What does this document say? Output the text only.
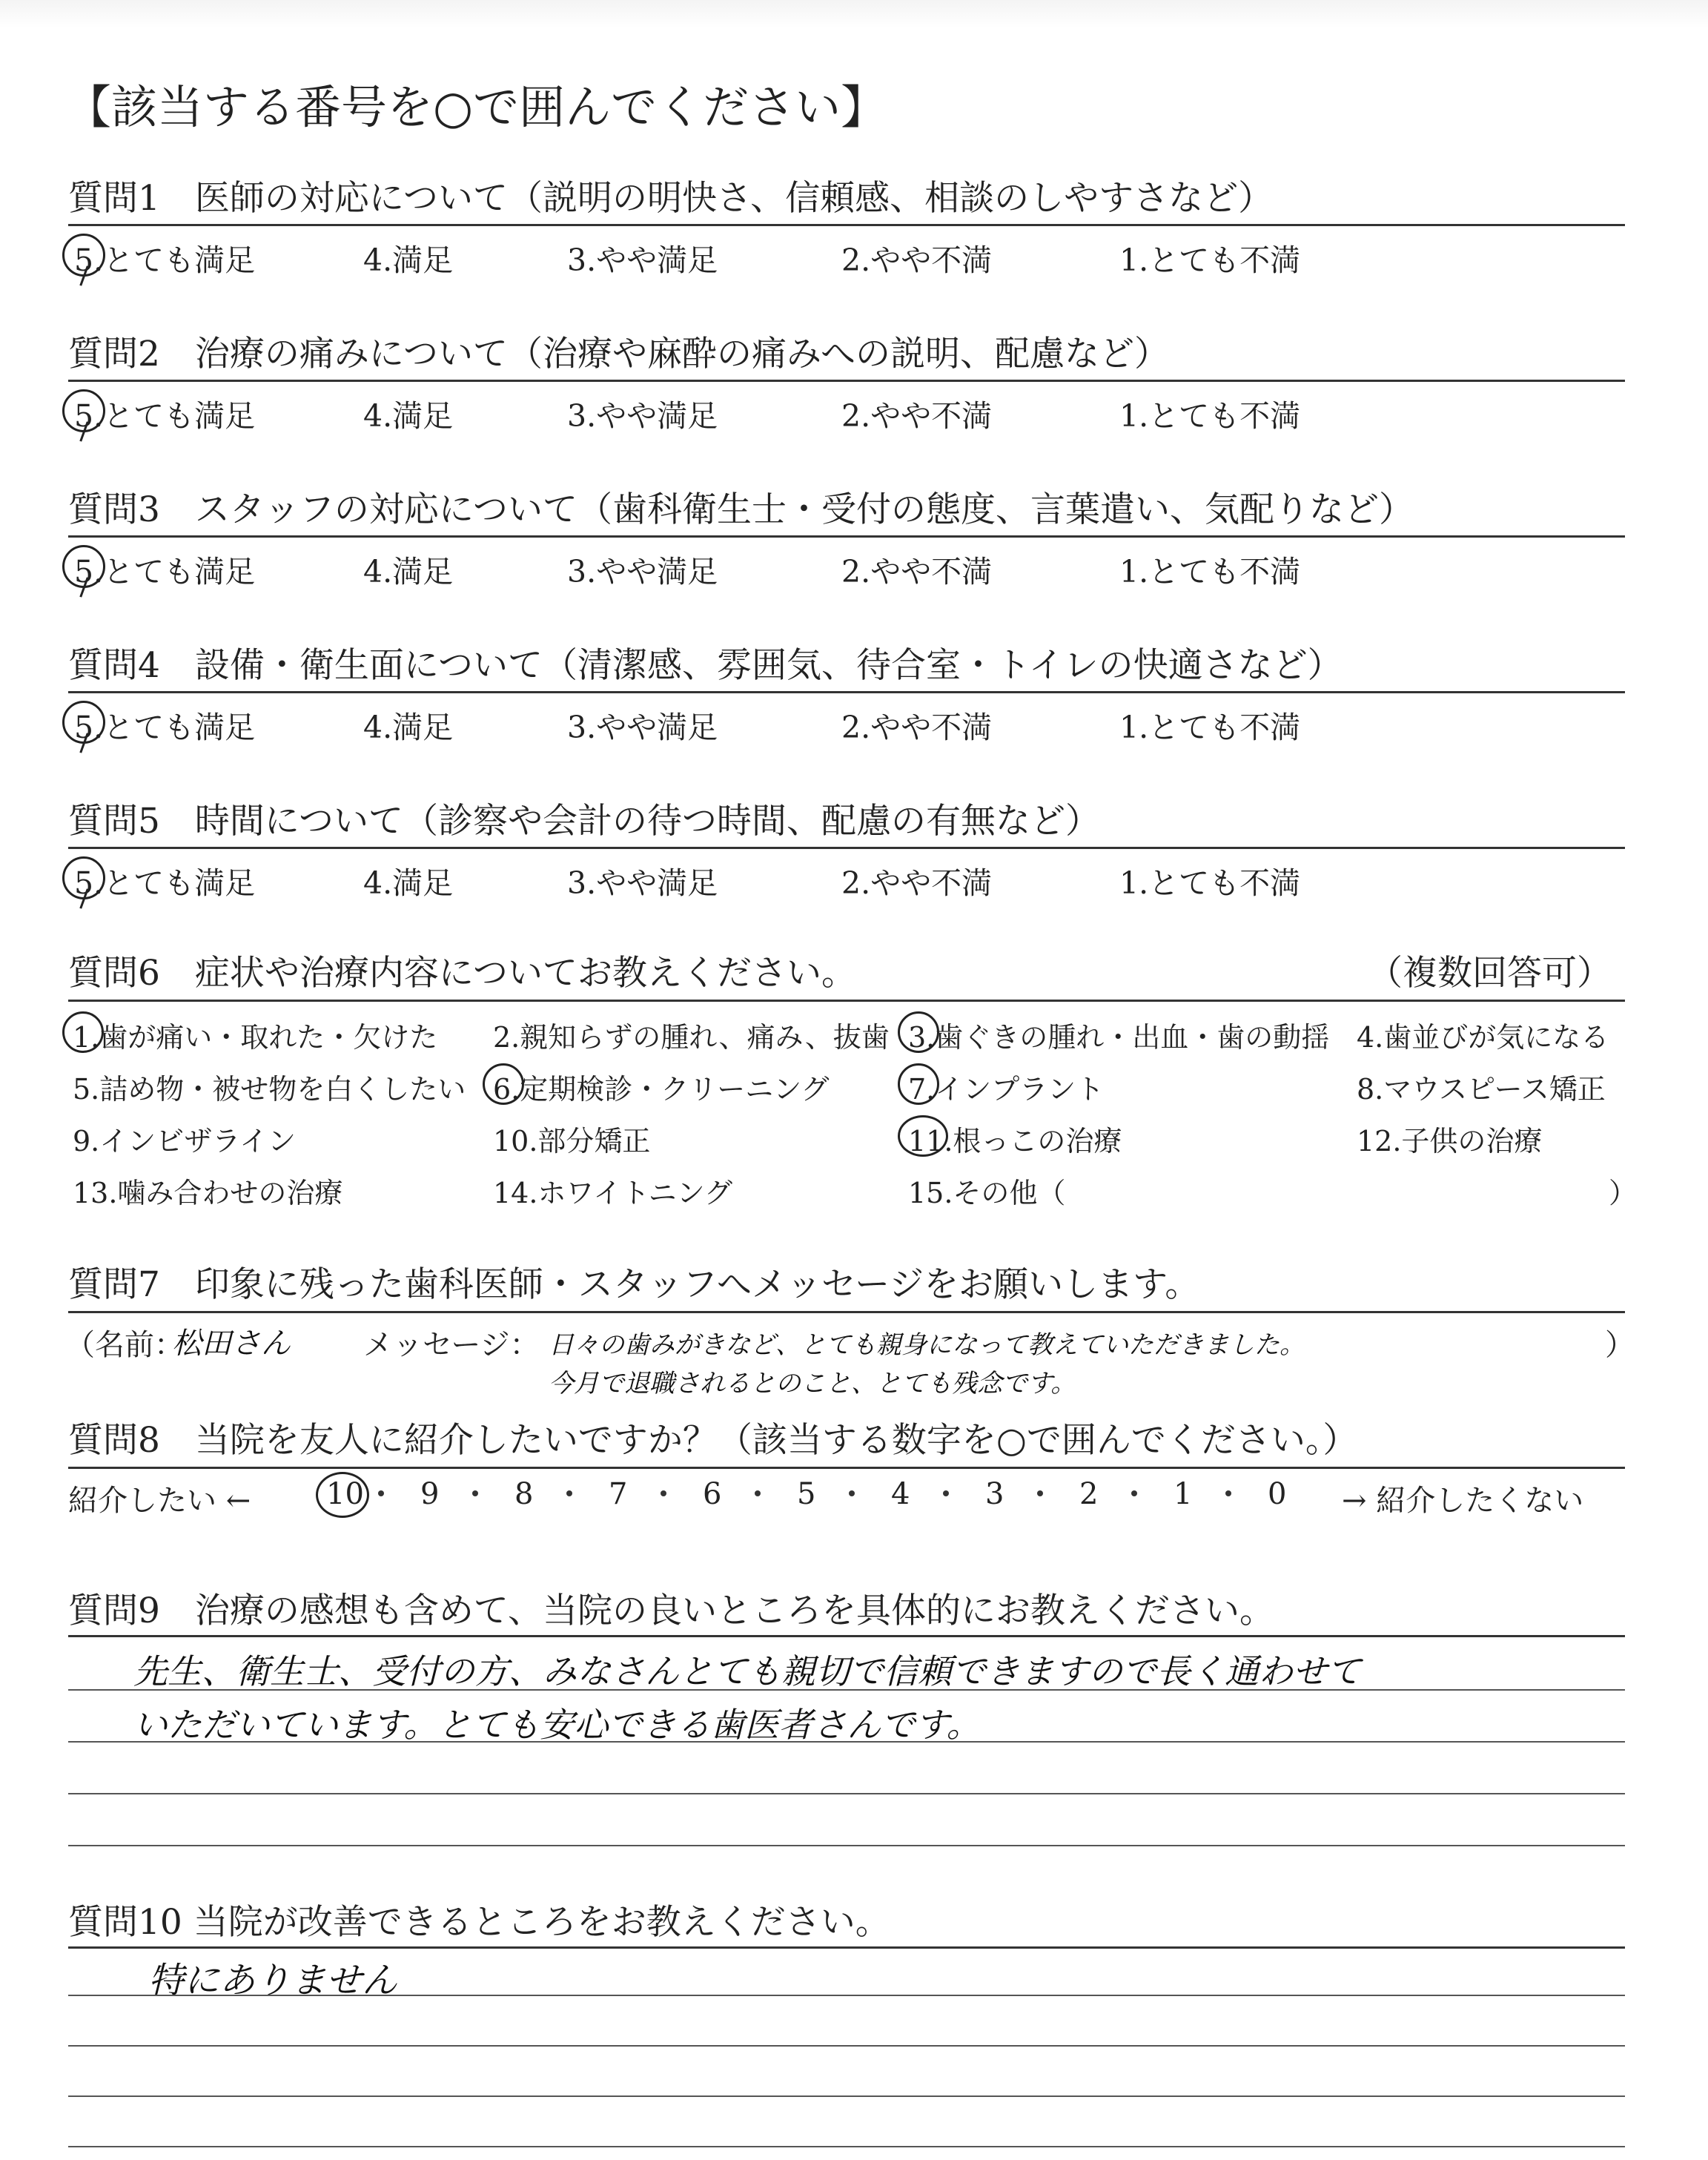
【該当する番号を○で囲んでください】
質問1　医師の対応について（説明の明快さ、信頼感、相談のしやすさなど）
5.とても満足	4.満足	3.やや満足	2.やや不満	1.とても不満
質問2　治療の痛みについて（治療や麻酔の痛みへの説明、配慮など）
5.とても満足	4.満足	3.やや満足	2.やや不満	1.とても不満
質問3　スタッフの対応について（歯科衛生士・受付の態度、言葉遣い、気配りなど）
5.とても満足	4.満足	3.やや満足	2.やや不満	1.とても不満
質問4　設備・衛生面について（清潔感、雰囲気、待合室・トイレの快適さなど）
5.とても満足	4.満足	3.やや満足	2.やや不満	1.とても不満
質問5　時間について（診察や会計の待つ時間、配慮の有無など）
5.とても満足	4.満足	3.やや満足	2.やや不満	1.とても不満
質問6　症状や治療内容についてお教えください。	（複数回答可）
1.歯が痛い・取れた・欠けた 2.親知らずの腫れ、痛み、抜歯 3.歯ぐきの腫れ・出血・歯の動揺 4.歯並びが気になる
5.詰め物・被せ物を白くしたい 6.定期検診・クリーニング	7.インプラント	8.マウスピース矯正
9.インビザライン	10.部分矯正	11.根っこの治療	12.子供の治療
13.噛み合わせの治療	14.ホワイトニング	15.その他（	）
質問7　印象に残った歯科医師・スタッフへメッセージをお願いします。
（名前：
松田さん メッセージ： 日々の歯みがきなど、とても親身になって教えていただきました。
今月で退職されるとのこと、とても残念です。
）
質問8　当院を友人に紹介したいですか？（該当する数字を○で囲んでください。）
紹介したい ←	10 9	8	7	6	5	4	3	2	1	0 → 紹介したくない
質問9　治療の感想も含めて、当院の良いところを具体的にお教えください。
先生、衛生士、受付の方、みなさんとても親切で信頼できますので長く通わせて
いただいています。とても安心できる歯医者さんです。
質問10 当院が改善できるところをお教えください。
特にありません
